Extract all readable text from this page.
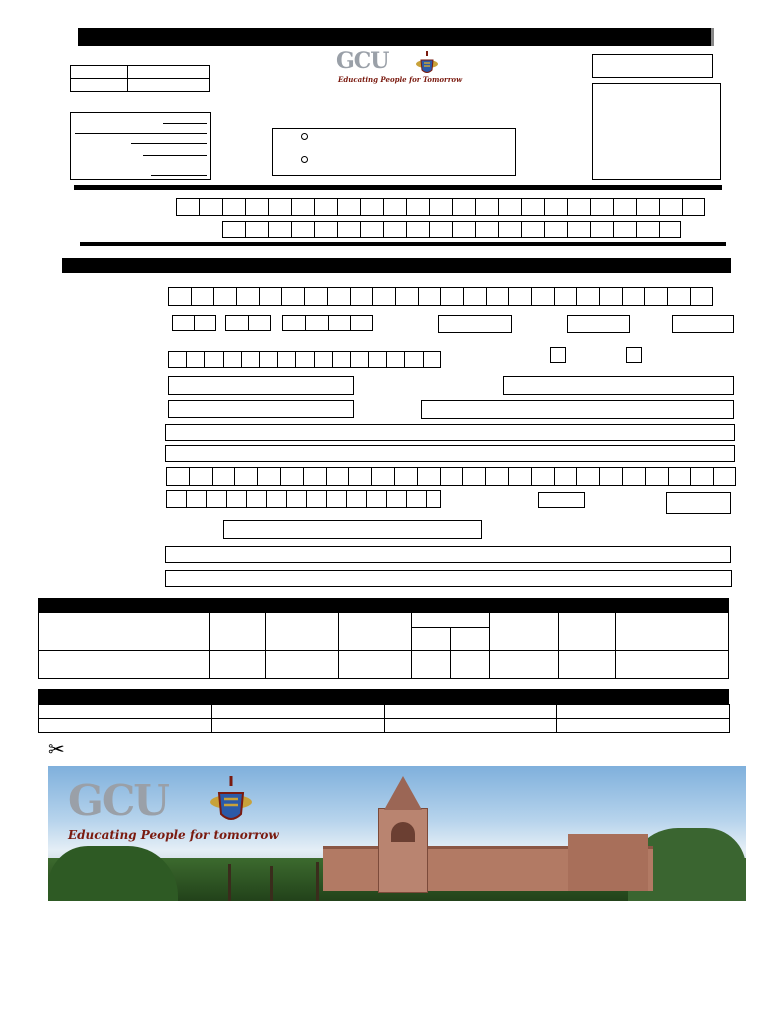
GCU
Educating People for Tomorrow

✂
GCU
Educating People for tomorrow
